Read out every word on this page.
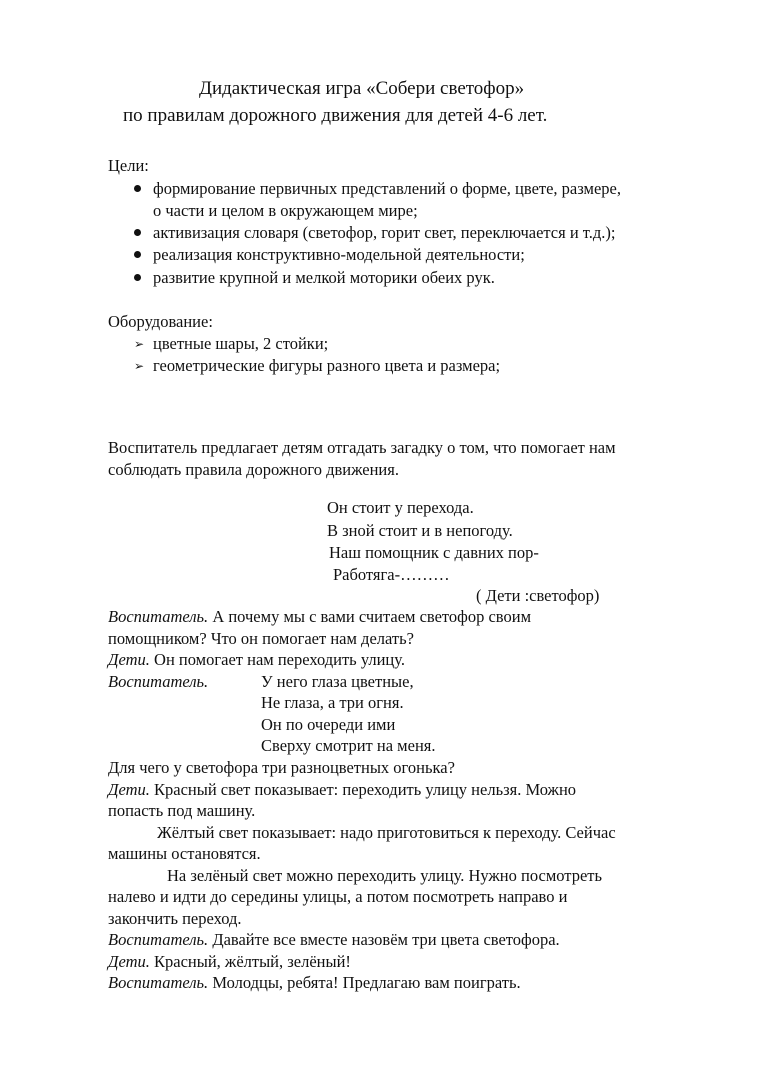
Дидактическая игра «Собери светофор»
по правилам дорожного движения для детей 4-6 лет.
Цели:
формирование первичных представлений о форме, цвете, размере,
о части и целом в окружающем мире;
активизация словаря (светофор, горит свет, переключается и т.д.);
реализация конструктивно-модельной деятельности;
развитие крупной и мелкой моторики обеих рук.
Оборудование:
➢ цветные шары, 2 стойки;
➢ геометрические фигуры разного цвета и размера;
Воспитатель предлагает детям отгадать загадку о том, что помогает нам
соблюдать правила дорожного движения.
Он стоит у перехода.
В зной стоит и в непогоду.
Наш помощник с давних пор-
Работяга-………
( Дети :светофор)
Воспитатель. А почему мы с вами считаем светофор своим
помощником? Что он помогает нам делать?
Дети. Он помогает нам переходить улицу.
Воспитатель.	У него глаза цветные,
Не глаза, а три огня.
Он по очереди ими
Сверху смотрит на меня.
Для чего у светофора три разноцветных огонька?
Дети. Красный свет показывает: переходить улицу нельзя. Можно
попасть под машину.
Жёлтый свет показывает: надо приготовиться к переходу. Сейчас
машины остановятся.
На зелёный свет можно переходить улицу. Нужно посмотреть
налево и идти до середины улицы, а потом посмотреть направо и
закончить переход.
Воспитатель. Давайте все вместе назовём три цвета светофора.
Дети. Красный, жёлтый, зелёный!
Воспитатель. Молодцы, ребята! Предлагаю вам поиграть.
